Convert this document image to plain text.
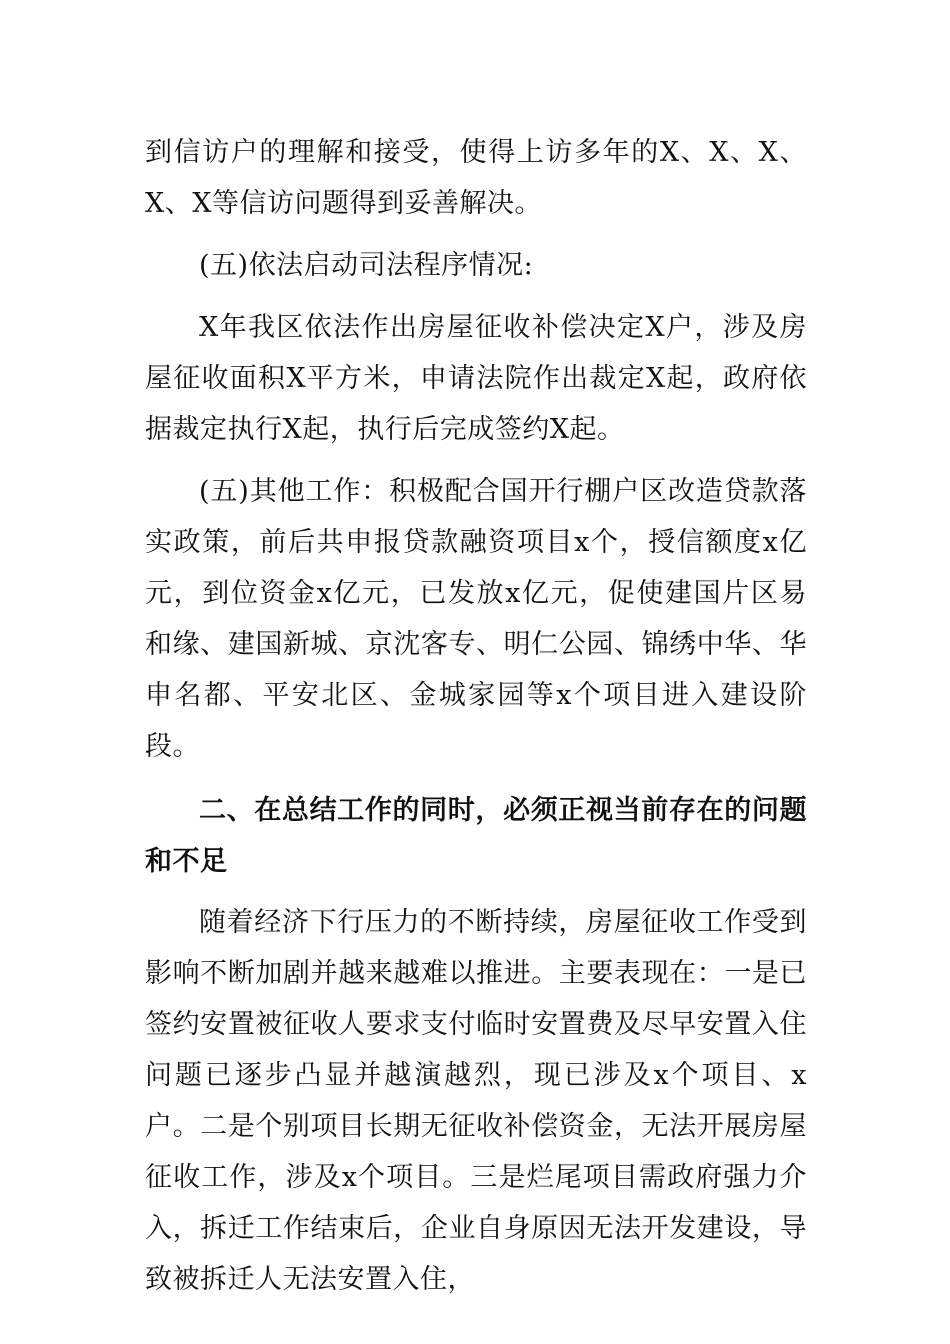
到信访户的理解和接受，使得上访多年的X、X、X、X、X等信访问题得到妥善解决。

(五)依法启动司法程序情况:

X年我区依法作出房屋征收补偿决定X户，涉及房屋征收面积X平方米，申请法院作出裁定X起，政府依据裁定执行X起，执行后完成签约X起。

(五)其他工作：积极配合国开行棚户区改造贷款落实政策，前后共申报贷款融资项目x个，授信额度x亿元，到位资金x亿元，已发放x亿元，促使建国片区易和缘、建国新城、京沈客专、明仁公园、锦绣中华、华申名都、平安北区、金城家园等x个项目进入建设阶段。

二、在总结工作的同时，必须正视当前存在的问题和不足

随着经济下行压力的不断持续，房屋征收工作受到影响不断加剧并越来越难以推进。主要表现在：一是已签约安置被征收人要求支付临时安置费及尽早安置入住问题已逐步凸显并越演越烈，现已涉及x个项目、x户。二是个别项目长期无征收补偿资金，无法开展房屋征收工作，涉及x个项目。三是烂尾项目需政府强力介入，拆迁工作结束后，企业自身原因无法开发建设，导致被拆迁人无法安置入住，
